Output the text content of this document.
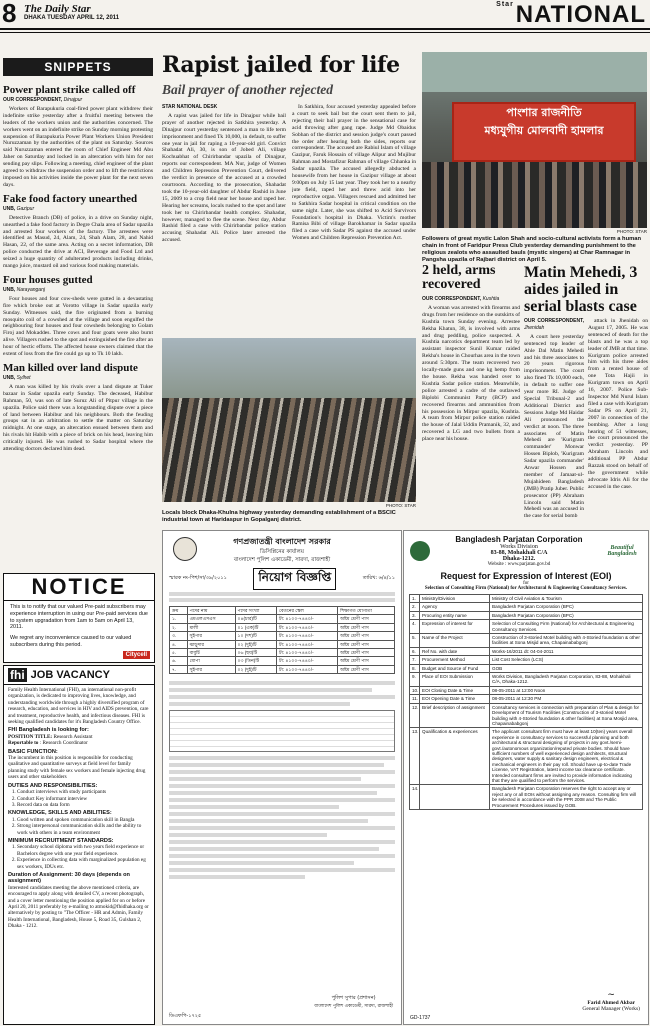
8 The Daily Star
DHAKA TUESDAY APRIL 12, 2011
$^{Star}$NATIONAL
SNIPPETS
Power plant strike called off
OUR CORRESPONDENT, Dinajpur

Workers of Barapukuria coal-fired power plant withdrew their indefinite strike yesterday after a fruitful meeting between the leaders of the workers union and the authorities concerned. The workers went on an indefinite strike on Sunday morning protesting suspension of Barapukuria Power Plant Workers Union President Nuruzzaman by the authorities of the plant on Saturday. Sources said Nuruzzaman entered the room of Chief Engineer Md Abu Jaher on Saturday and locked in an altercation with him for not sending pay slips. Following a meeting, chief engineer of the plant agreed to withdraw the suspension order and to lift the restrictions imposed on his activities inside the power plant for the next seven days.

Fake food factory unearthed
UNB, Gazipur

Detective Branch (DB) of police, in a drive on Sunday night, unearthed a fake food factory in Degre Chala area of Sadar upazila and arrested four workers of the factory. The arrestees were identified as Masud, 24, Alam, 24, Shah Alam, 28, and Nahid Hasan, 22, of the same area. Acting on a secret information, DB police conducted the drive at ACI, Beverage and Food Ltd and seized a huge quantity of adulterated products including drinks, mango juice, mustard oil and various food making materials.

Four houses gutted
UNB, Narayanganj

Four houses and four cow-sheds were gutted in a devastating fire which broke out at Vorotto village in Sadar upazila early Sunday. Witnesses said, the fire originated from a burning mosquito coil of a cowshed at the village and soon engulfed the neighbouring four houses and four cowsheds belonging to Golam Firoj and Mokaddes. Three cows and four goats were also burnt alive. Villagers rushed to the spot and extinguished the fire after an hour of hectic efforts. The affected house owners claimed that the extent of loss from the fire could go up to Tk 10 lakh.

Man killed over land dispute
UNB, Sylhet

A man was killed by his rivals over a land dispute at Tuker bazaar in Sadar upazila early Sunday. The deceased, Habibur Rahman, 50, was son of late Suruz Ali of Pitpur village in the upazila. Police said there was a longstanding dispute over a piece of land between Habibur and his neighbours. Both the feuding groups sat in an arbitration to settle the matter on Saturday midnight. At one stage, an altercation ensued between them and his rivals hit Habib with a piece of brick on his head, leaving him critically injured. He was rushed to Sadar hospital where the attending doctors declared him dead.

NOTICE
This is to notify that our valued Pre-paid subscribers may experience interruption in using our Pre-paid services due to system upgradation from 1am to 5am on April 13, 2011.
We regret any inconvenience caused to our valued subscribers during this period.
Citycell
fhi JOB VACANCY
Family Health International (FHI), an international non-profit organization, is dedicated to improving lives, knowledge, and understanding worldwide through a highly diversified program of research, education, and services in HIV and AIDS prevention, care and treatment, reproductive health, and infectious diseases. FHI is seeking qualified candidates for it's Bangladesh Country Office.
FHI Bangladesh is looking for:
POSITION TITLE: Research Assistant
Reportable to : Research Coordinator
BASIC FUNCTION:
The incumbent in this position is responsible for conducting qualitative and quantitative surveys at field level for family planning study with female sex workers and female injecting drug users and other stakeholders
DUTIES AND RESPONSIBILITIES:
1. Conduct interviews with study participants
2. Conduct Key informant interview
3. Record data on data form
KNOWLEDGE, SKILLS AND ABILITIES:
1. Good written and spoken communication skill in Bangla
2. Strong interpersonal communication skills and the ability to work with others in a team environment
MINIMUM RECRUITMENT STANDARDS:
1. Secondary school diploma with two years field experience or Bachelors degree with one year field experience.
2. Experience in collecting data with marginalized population eg sex workers, IDUs etc.
Duration of Assignment: 30 days (depends on assignment)
Interested candidates meeting the above mentioned criteria, are encouraged to apply along with detailed CV, a recent photograph, and a cover letter mentioning the position applied for on or before April 20, 2011 preferably by e-mailing to atmokid@fhidhaka.org or alternatively by posting to "The Officer - HR and Admin, Family Health International, Bangladesh, House 5, Road 35, Gulshan 2, Dhaka - 1212.
Rapist jailed for life
Bail prayer of another rejected
STAR NATIONAL DESK

A rapist was jailed for life in Dinajpur while bail prayer of another rejected in Satkhira yesterday. A Dinajpur court yesterday sentenced a man to life term imprisonment and fined Tk 10,000, in default, to suffer one year in jail for raping a 10-year-old girl. Convict Shahadat Ali, 30, is son of Jobed Ali, village Kochuabhat of Chirirbandar upazila of Dinajpur, reports our correspondent. MA Nur, judge of Women and Children Repression Prevention Court, delivered the verdict in presence of the accused at a crowded courtroom. According to the prosecution, Shahadat took the 10-year-old daughter of Abdur Rashid in June 15, 2009 to a crop field near her house and raped her. Hearing her screams, locals rushed to the spot and later took her to Chirirbandar health complex. Shahadat, however, managed to flee the scene. Next day, Abdur Rashid filed a case with Chirirbandar police station accusing Shahadat Ali. Police later arrested the accused.

In Satkhira, four accused yesterday appealed before a court to seek bail but the court sent them to jail, rejecting their bail prayer in the sensational case for acid throwing after gang rape. Judge Md Obaidus Sobhan of the district and session judge's court passed the order after hearing both the sides, reports our correspondent. The accused are Rabiul Islam of village Gazipur, Faruk Hossain of village Alipur and Mujibur Rahman and Mostafizur Rahman of village Chhanka in Sadar upazila. The accused allegedly abducted a housewife from her house in Gazipur village at about 9:00pm on July 15 last year. They took her to a nearby jute field, raped her and threw acid into her reproductive organ. Villagers rescued and admitted her to Satkhira Sadar hospital in critical condition on the same night. Later, she was shifted to Acid Survivors Foundation's hospital in Dhaka. Victim's mother Ramisa Bibi of village Barokhamar in Sadar upazila filed a case with Sadar PS against the accused under Women and Children Repression Prevention Act.

পাংশার রাজনীতি
মধ্যযুগীয় মোলবাদী হামলার
PHOTO: STAR
Followers of great mystic Lalon Shah and socio-cultural activists form a human chain in front of Faridpur Press Club yesterday demanding punishment to the religious zealots who assaulted bauls (mystic singers) at Char Ramnagar in Pangsha upazila of Rajbari district on April 5.
PHOTO: STAR
Locals block Dhaka-Khulna highway yesterday demanding establishment of a BSCIC industrial town at Haridaspur in Gopalganj district.
2 held, arms recovered
OUR CORRESPONDENT, Kushtia

A woman was arrested with firearms and drugs from her residence on the outskirts of Kushtia town Sunday evening. Arrestee Rekha Khatun, 38, is involved with arms and drug peddling, police suspected. A Kushtia narcotics department team led by assistant inspector Sunil Kumar raided Rekha's house in Chourhas area in the town around 5:30pm. The team recovered two locally-made guns and one kg hemp from the house. Rekha was handed over to Kushtia Sadar police station. Meanwhile, police arrested a cadre of the outlawed Biplobi Communist Party (BCP) and recovered firearms and ammunition from his possession in Mirpur upazila, Kushtia. A team from Mirpur police station raided the house of Jalal Uddin Pramanik, 32, and recovered a LG and two bullets from a place near his house.

Matin Mehedi, 3 aides jailed in serial blasts case
OUR CORRESPONDENT, Jhenidah

A court here yesterday sentenced top leader of Ahle Dal Matin Mehedi and his three associates to 20 years rigorous imprisonment. The court also fined Tk 10,000 each, in default to suffer one year more RI. Judge of Special Tribunal-2 and Additional District and Sessions Judge Md Haidar Ali pronounced the verdict at noon. The three associates of Matin Mehedi are 'Kurigram commander' Monwar Hossen Biplob, 'Kurigram Sadar upazila commander' Anwar Hossen and member of Jamaat-ul-Mujahideen Bangladesh (JMB) Pratip Juber. Public prosecutor (PP) Abraham Lincoln said Matin Mehedi was an accused in the case for serial bomb

attack in Jhenidah on August 17, 2005. He was sentenced of death for the blasts and he was a top leader of JMB at that time. Kurigram police arrested him with his three aides from a rented house of one Tota Hajii in Kurigram town on April 16, 2007. Police Sub-Inspector Md Nurul Islam filed a case with Kurigram Sadar PS on April 21, 2007 in connection of the bombing. After a long hearing of 51 witnesses, the court pronounced the verdict yesterday. PP Abraham Lincoln and additional PP Abdur Razzak stood on behalf of the government while advocate Idris Ali for the accused in the case.

গণপ্রজাতন্ত্রী বাংলাদেশ সরকার
ডিসিপ্লিনের কার্যালয়
বাংলাদেশ পুলিশ একাডেমী, সারদা, রাজশাহী
স্মারক নং-পিশ/সা/৩৯/২০১১	নিয়োগ বিজ্ঞপ্তি	তারিখ: ৬/৪/১১
ক্রম	পদের নাম	পদের সংখ্যা	বেতনের স্কেল	শিক্ষাগত যোগ্যতা
১.	এমএলএসএস	০৪(চার)টি	টা: ৪১০০-৭৪৪০/-	অষ্টম শ্রেণী পাস
২.	মালী	০১ (এক)টি	টা: ৪১০০-৭৪৪০/-	অষ্টম শ্রেণী পাস
৩.	সুইপার	১০ (দশ)টি	টা: ৪১০০-৭৪৪০/-	অষ্টম শ্রেণী পাস
৪.	ঝাড়ুদার	০২ (দুই)টি	টা: ৪১০০-৭৪৪০/-	অষ্টম শ্রেণী পাস
৫.	বাবুর্চি	০৬ (ছয়)টি	টা: ৪১০০-৭৪৪০/-	অষ্টম শ্রেণী পাস
৬.	ধোপা	০৩ (তিন)টি	টা: ৪১০০-৭৪৪০/-	অষ্টম শ্রেণী পাস
৭.	সুইপার	০২ (দুই)টি	টা: ৪১০০-৭৪৪০/-	অষ্টম শ্রেণী পাস
পুলিশ সুপার (প্রশাসন)
বাংলাদেশ পুলিশ একাডেমী, সারদা, রাজশাহী
ডিএফপি-১৭২৫
Bangladesh Parjatan Corporation
Works Division
83-88, Mohakhali C/A
Dhaka-1212.
Website : www.parjatan.gov.bd
Beautiful Bangladesh
Request for Expression of Interest (EOI)
for
Selection of Consulting Firm (National) for Architectural & Engineering Consultancy Services.
1.	Ministry/Division	Ministry of Civil Aviation & Tourism
2.	Agency	Bangladesh Parjatan Corporation (BPC)
3.	Procuring entity name	Bangladesh Parjatan Corporation (BPC)
4.	Expression of interest for	Selection of Consulting Firm (National) for Architectural & Engineering Consultancy Services.
5.	Name of the Project	Construction of 3-storied Motel building with 4-Storied foundation & other facilities at Sona Misjid area, Chapainababgonj
6.	Ref No. with date	Works-16/2011 dt: 04-04-2011
7.	Procurement Method	List Cost Selection (LCS)
8.	Budget and Source of Fund	GOB
9.	Place of EOI Submission	Works Division, Bangladesh Parjatan Corporation, 83-88, Mohakhali C/A, Dhaka-1212.
10.	EOI Closing Date & Time	08-05-2011 at 12:00 Noon
11.	EOI Opening Date & Time	08-05-2011 at 12:30 PM
12.	Brief description of assignment	Consultancy services in connection with preparation of Plan & design for Development of Tourism Facilities (Construction of 3-storied Motel building with 4-Storied foundation & other facilities) at Sona Mosjid area, Chapainababgonj
13.	Qualification & experiences	The applicant consultant firm must have at least 10(ten) years overall experience in consultancy services to successful planning and both architectural & structural designing of projects in any govt./semi-govt./autonomous organization/reputed private bodies. Should have sufficient numbers of well experienced design architects, structural designers, water supply & sanitary design engineers, electrical & mechanical engineers in their pay roll. Should have up-to-date Trade License, VAT Registration, latest income tax clearance certificate. Intended consultant firms are invited to provide information indicating that they are qualified to perform the services.
14.		Bangladesh Parjatan Corporation reserves the right to accept any or reject any or all EOIs without assigning any reason. Consulting firm will be selected in accordance with the PPR 2008 and The Public Procurement Procedures issued by GOB.
~
Farid Ahmed Akbar
General Manager (Works)
GD-1737
